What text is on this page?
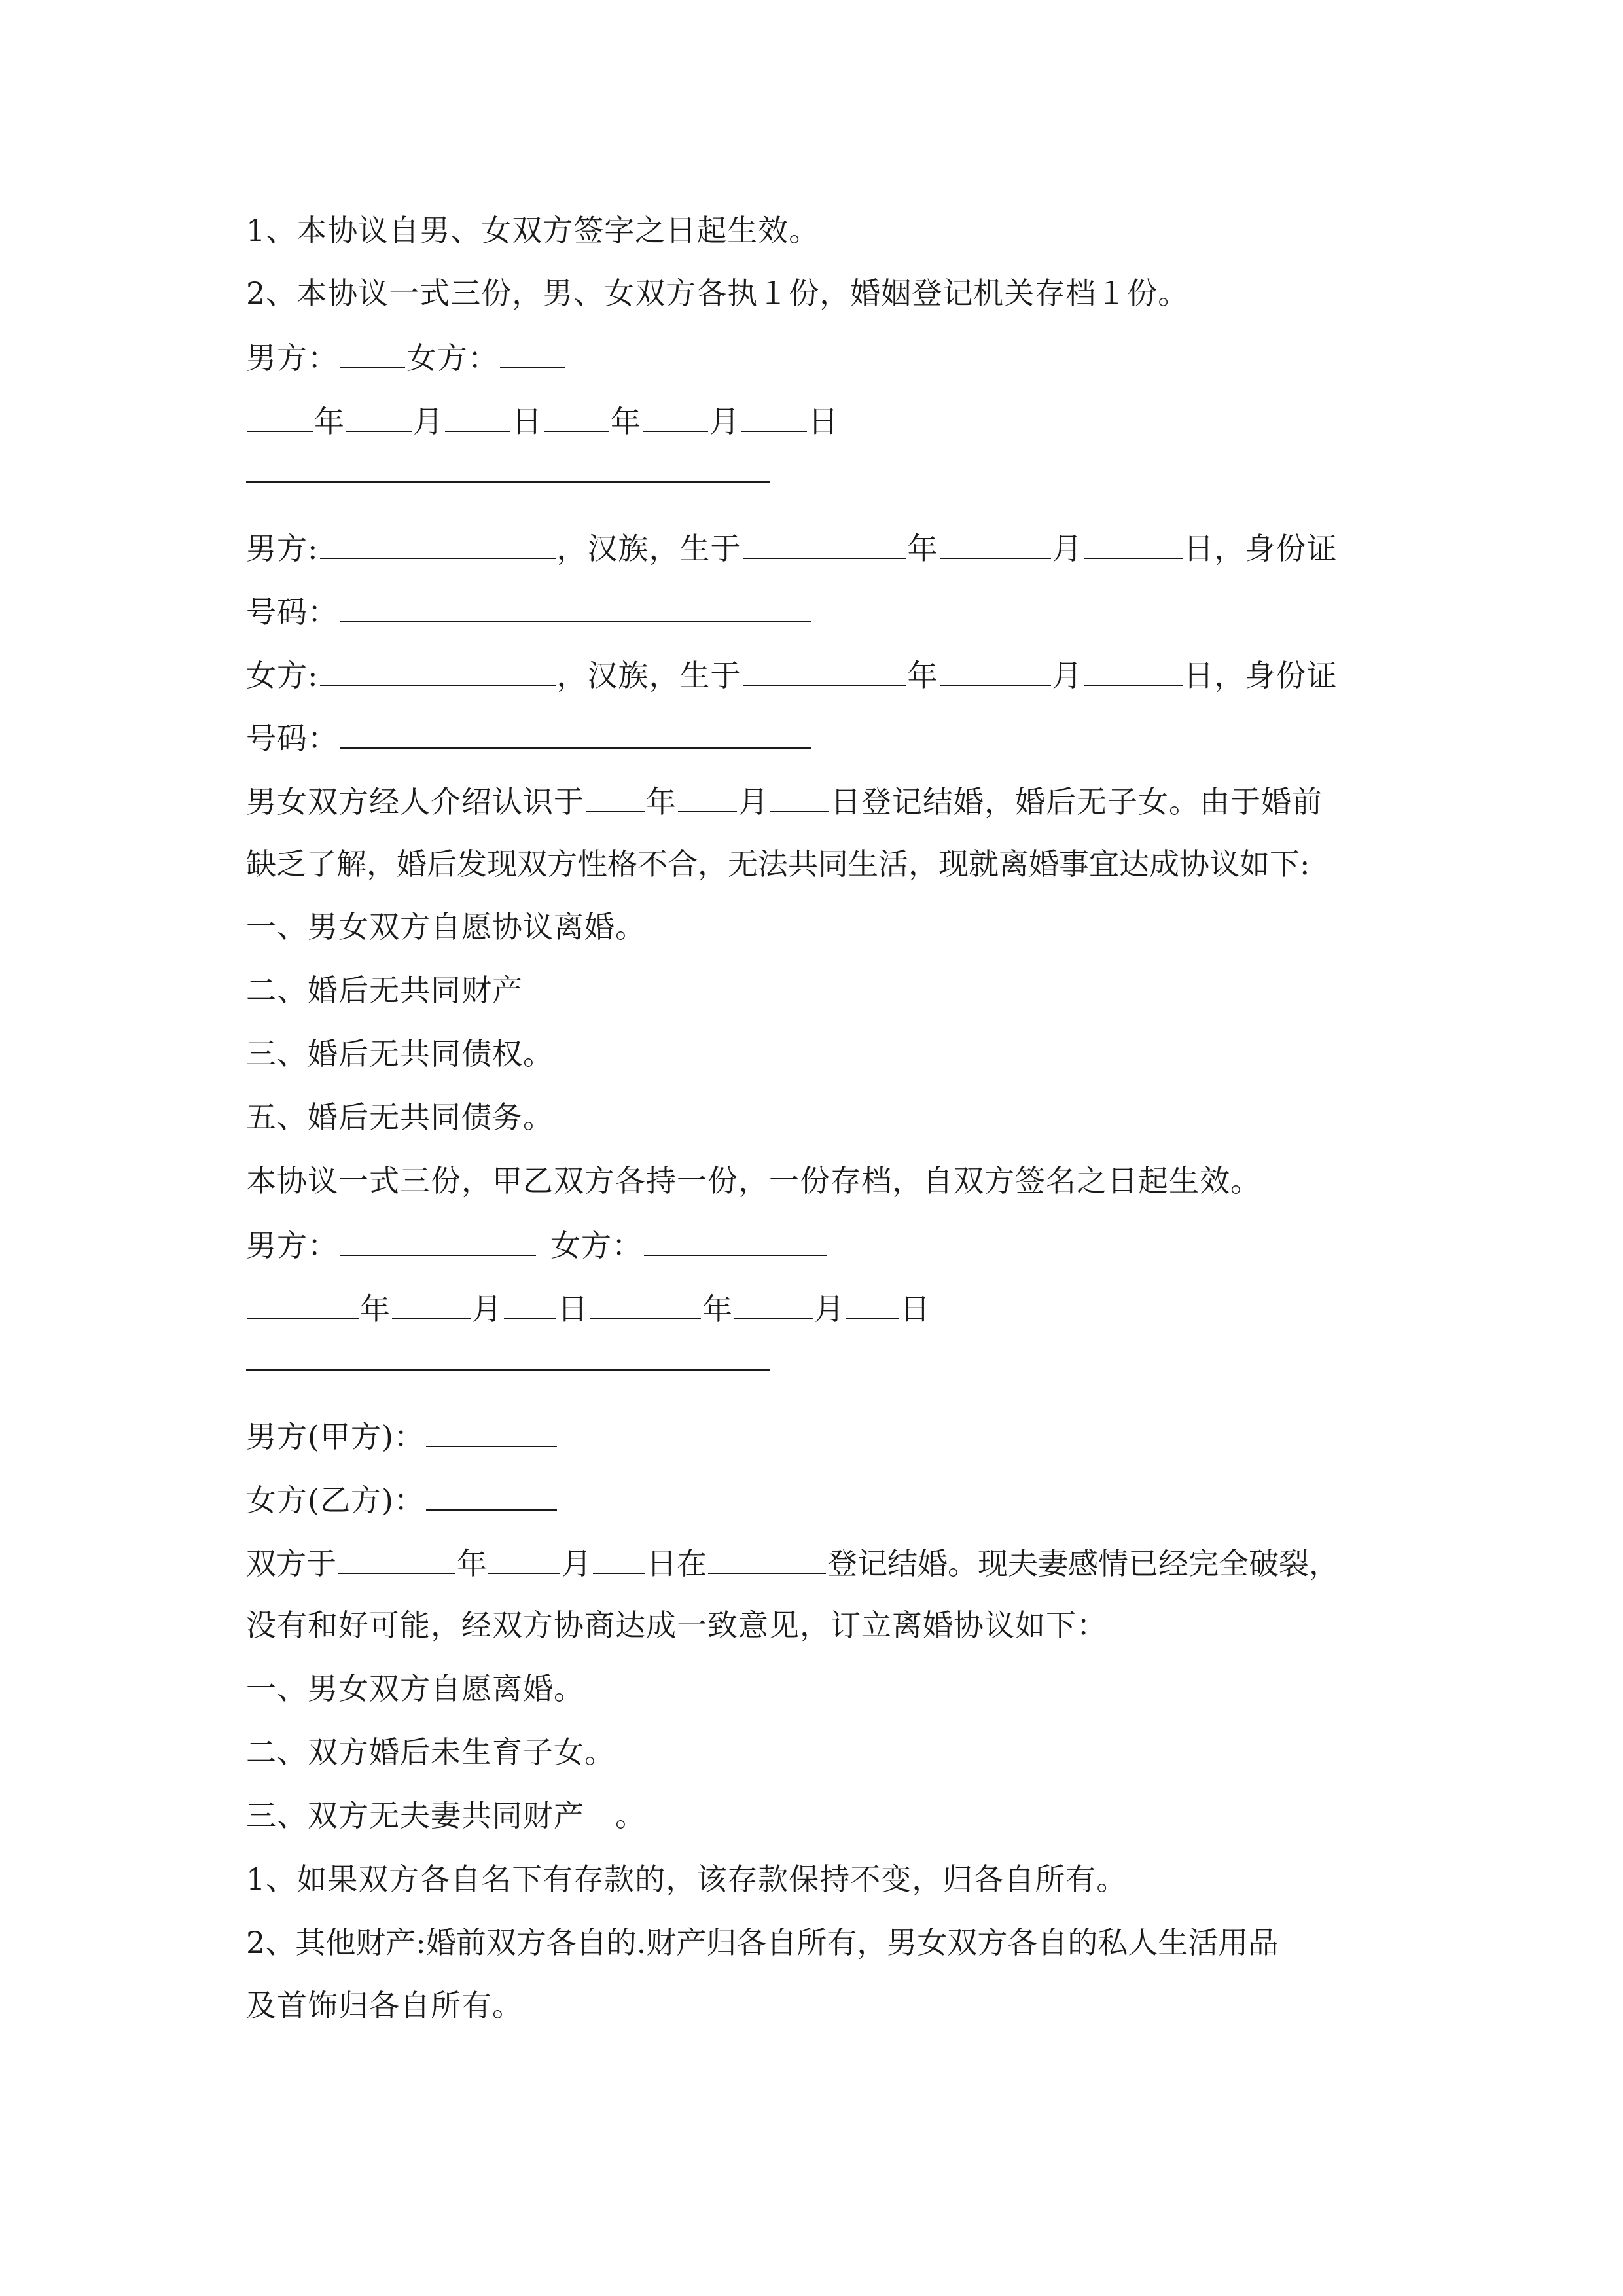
1、本协议自男、女双方签字之日起生效。
2、本协议一式三份，男、女双方各执１份，婚姻登记机关存档１份。
男方： 女方：
年 月 日 年 月 日
男方:	，汉族，生于	年	月	日，身份证
号码：
女方:	，汉族，生于	年	月	日，身份证
号码：
男女双方经人介绍认识于 年 月 日登记结婚，婚后无子女。由于婚前
缺乏了解，婚后发现双方性格不合，无法共同生活，现就离婚事宜达成协议如下:
一、男女双方自愿协议离婚。
二、婚后无共同财产
三、婚后无共同债权。
五、婚后无共同债务。
本协议一式三份，甲乙双方各持一份，一份存档，自双方签名之日起生效。
男方：	女方：
年	月 日	年	月 日
男方(甲方)：
女方(乙方)：
双方于	年 月 日在	登记结婚。现夫妻感情已经完全破裂，
没有和好可能，经双方协商达成一致意见，订立离婚协议如下：
一、男女双方自愿离婚。
二、双方婚后未生育子女。
三、双方无夫妻共同财产　。
1、如果双方各自名下有存款的，该存款保持不变，归各自所有。
2、其他财产:婚前双方各自的.财产归各自所有，男女双方各自的私人生活用品
及首饰归各自所有。
